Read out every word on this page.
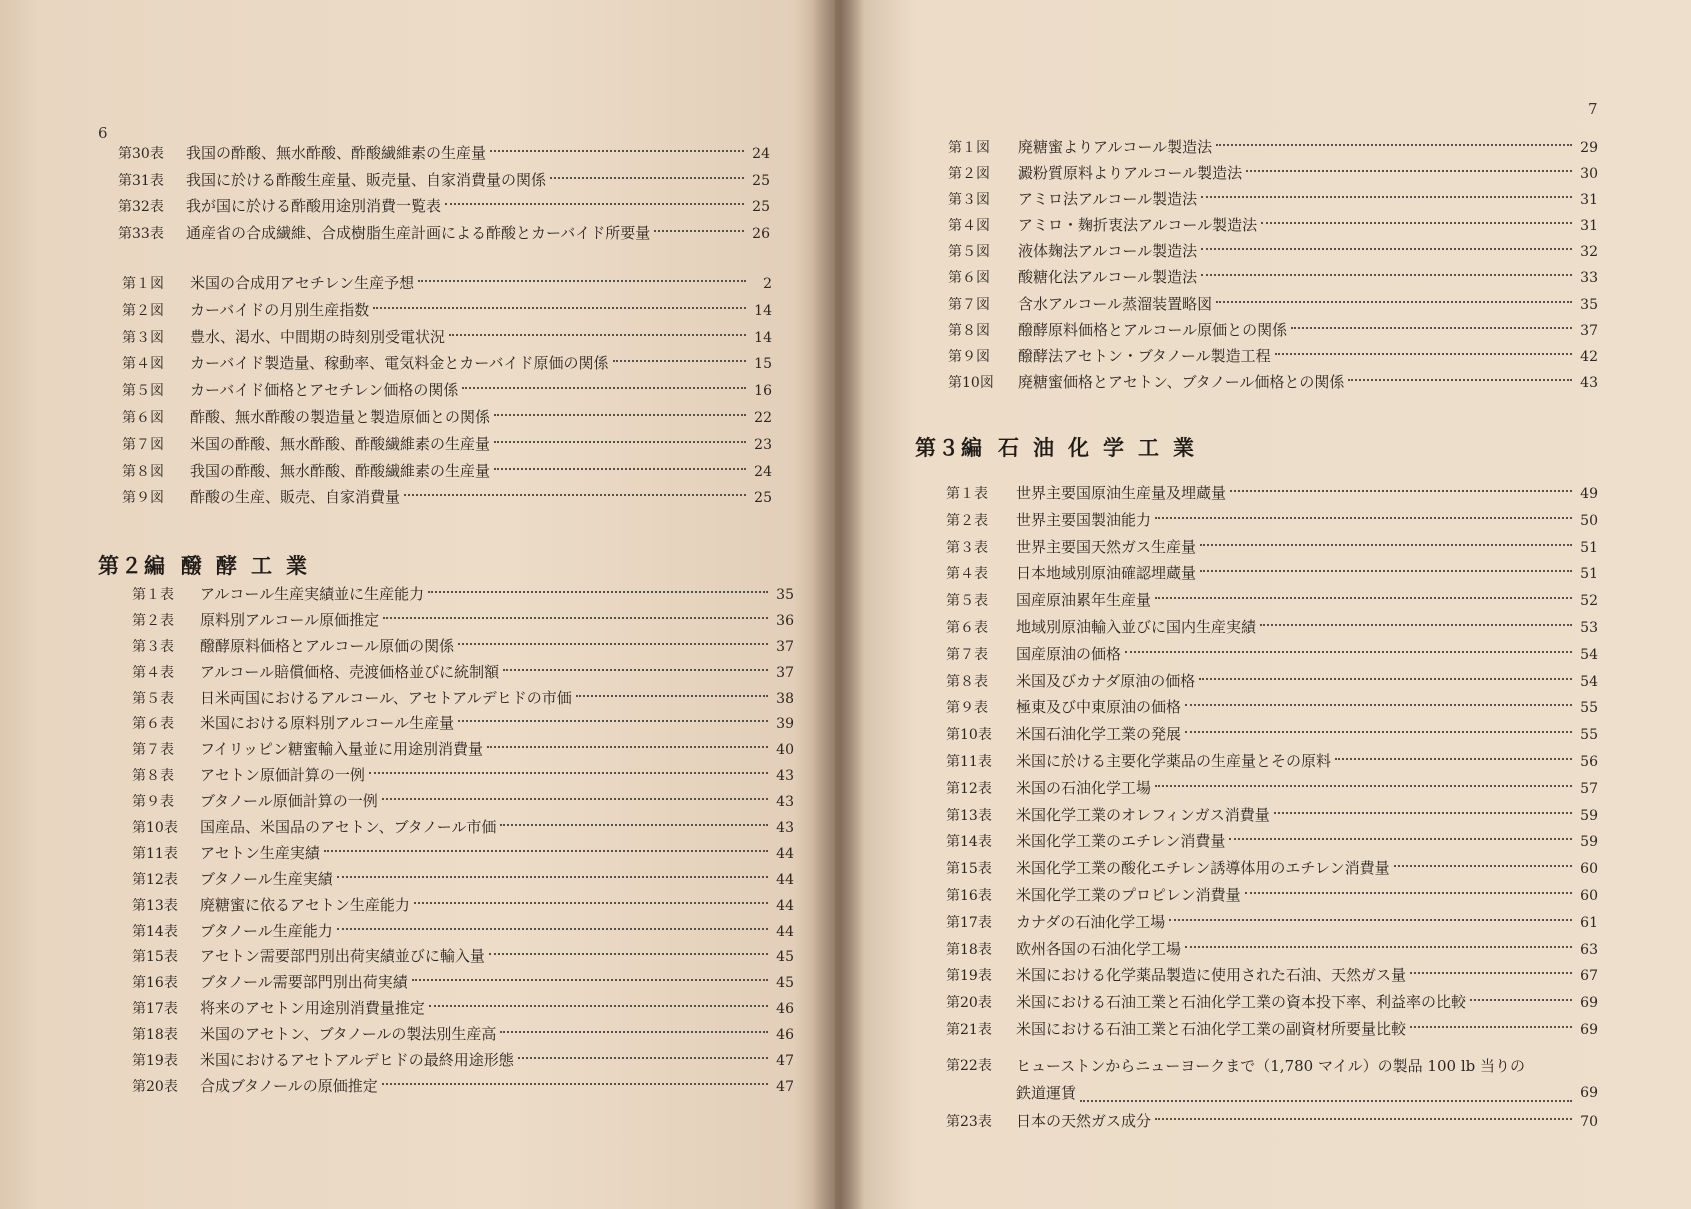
6
第30表	我国の酢酸、無水酢酸、酢酸繊維素の生産量	24
第31表	我国に於ける酢酸生産量、販売量、自家消費量の関係	25
第32表	我が国に於ける酢酸用途別消費一覧表	25
第33表	通産省の合成繊維、合成樹脂生産計画による酢酸とカーバイド所要量	26
第１図	米国の合成用アセチレン生産予想	2
第２図	カーバイドの月別生産指数	14
第３図	豊水、渇水、中間期の時刻別受電状況	14
第４図	カーバイド製造量、稼動率、電気料金とカーバイド原価の関係	15
第５図	カーバイド価格とアセチレン価格の関係	16
第６図	酢酸、無水酢酸の製造量と製造原価との関係	22
第７図	米国の酢酸、無水酢酸、酢酸繊維素の生産量	23
第８図	我国の酢酸、無水酢酸、酢酸繊維素の生産量	24
第９図	酢酸の生産、販売、自家消費量	25
第２編 醱酵工業
第１表	アルコール生産実績並に生産能力	35
第２表	原料別アルコール原価推定	36
第３表	醱酵原料価格とアルコール原価の関係	37
第４表	アルコール賠償価格、売渡価格並びに統制額	37
第５表	日米両国におけるアルコール、アセトアルデヒドの市価	38
第６表	米国における原料別アルコール生産量	39
第７表	フイリッピン糖蜜輸入量並に用途別消費量	40
第８表	アセトン原価計算の一例	43
第９表	ブタノール原価計算の一例	43
第10表	国産品、米国品のアセトン、ブタノール市価	43
第11表	アセトン生産実績	44
第12表	ブタノール生産実績	44
第13表	廃糖蜜に依るアセトン生産能力	44
第14表	ブタノール生産能力	44
第15表	アセトン需要部門別出荷実績並びに輸入量	45
第16表	ブタノール需要部門別出荷実績	45
第17表	将来のアセトン用途別消費量推定	46
第18表	米国のアセトン、ブタノールの製法別生産高	46
第19表	米国におけるアセトアルデヒドの最終用途形態	47
第20表	合成ブタノールの原価推定	47
7
第１図	廃糖蜜よりアルコール製造法	29
第２図	澱粉質原料よりアルコール製造法	30
第３図	アミロ法アルコール製造法	31
第４図	アミロ・麹折衷法アルコール製造法	31
第５図	液体麹法アルコール製造法	32
第６図	酸糖化法アルコール製造法	33
第７図	含水アルコール蒸溜装置略図	35
第８図	醱酵原料価格とアルコール原価との関係	37
第９図	醱酵法アセトン・ブタノール製造工程	42
第10図	廃糖蜜価格とアセトン、ブタノール価格との関係	43
第３編 石油化学工業
第１表	世界主要国原油生産量及埋蔵量	49
第２表	世界主要国製油能力	50
第３表	世界主要国天然ガス生産量	51
第４表	日本地域別原油確認埋蔵量	51
第５表	国産原油累年生産量	52
第６表	地域別原油輸入並びに国内生産実績	53
第７表	国産原油の価格	54
第８表	米国及びカナダ原油の価格	54
第９表	極東及び中東原油の価格	55
第10表	米国石油化学工業の発展	55
第11表	米国に於ける主要化学薬品の生産量とその原料	56
第12表	米国の石油化学工場	57
第13表	米国化学工業のオレフィンガス消費量	59
第14表	米国化学工業のエチレン消費量	59
第15表	米国化学工業の酸化エチレン誘導体用のエチレン消費量	60
第16表	米国化学工業のプロピレン消費量	60
第17表	カナダの石油化学工場	61
第18表	欧州各国の石油化学工場	63
第19表	米国における化学薬品製造に使用された石油、天然ガス量	67
第20表	米国における石油工業と石油化学工業の資本投下率、利益率の比較	69
第21表	米国における石油工業と石油化学工業の副資材所要量比較	69
第22表	ヒューストンからニューヨークまで（1,780 マイル）の製品 100 lb 当りの
鉄道運賃	69
第23表	日本の天然ガス成分	70
